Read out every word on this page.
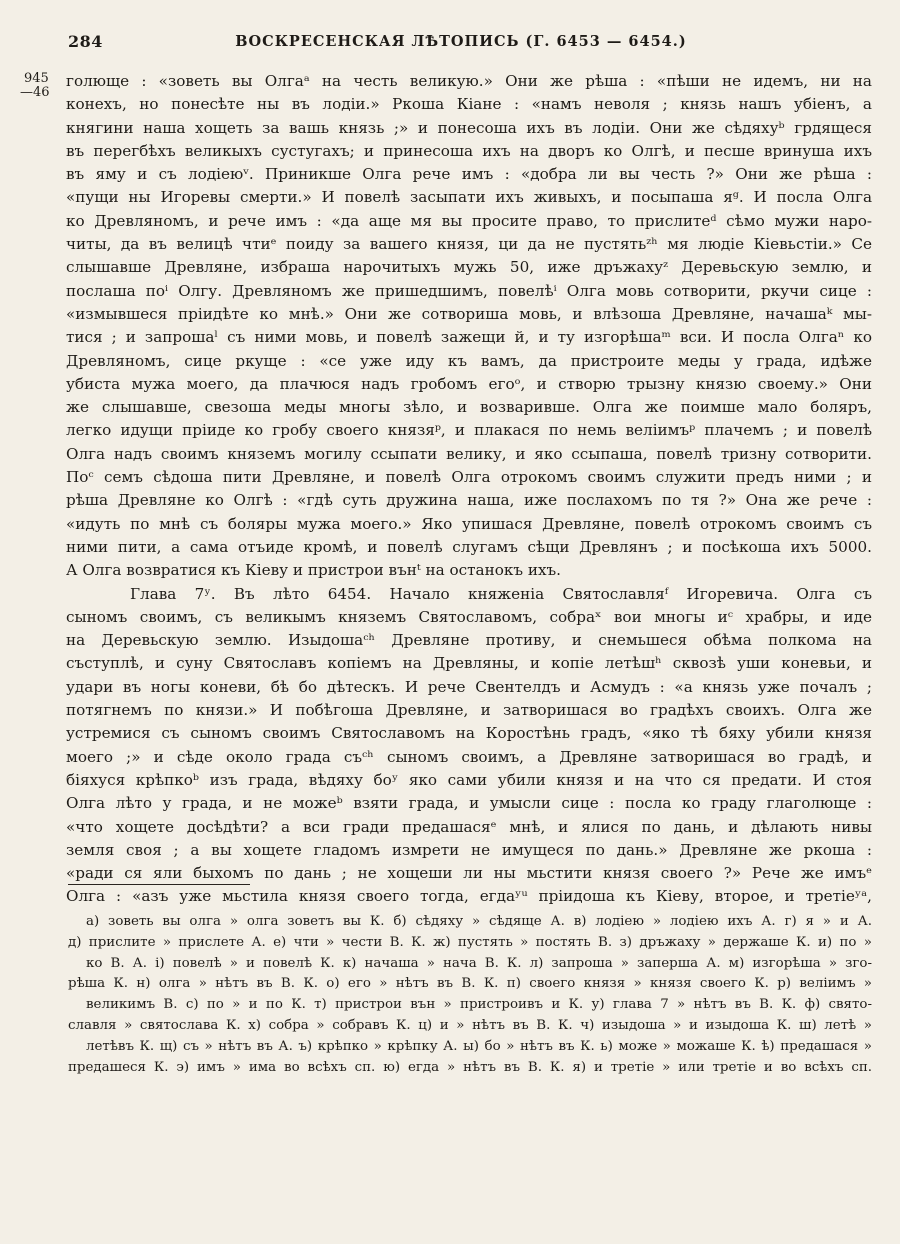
284	ВОСКРЕСЕНСКАЯ ЛѢТОПИСЬ (Г. 6453 — 6454.)
945
—46
голюще : «зоветь вы Олгаᵃ на честь великую.» Они же рѣша : «пѣши не идемъ, ни на
конехъ, но понесѣте ны въ лодiи.» Ркоша Кiане : «намъ неволя ; князь нашъ убiенъ, а
княгини наша хощеть за вашь князь ;» и понесоша ихъ въ лодiи. Они же сѣдяхуᵇ грдящеся
въ перегбѣхъ великыхъ сустугахъ; и принесоша ихъ на дворъ ко Олгѣ, и песше вринуша ихъ
въ яму и съ лодiеюᵛ. Приникше Олга рече имъ : «добра ли вы честь ?» Они же рѣша :
«пущи ны Игоревы смерти.» И повелѣ засыпати ихъ живыхъ, и посыпаша яᵍ. И посла Олга
ко Древляномъ, и рече имъ : «да аще мя вы просите право, то прислитеᵈ сѣмо мужи наро-
читы, да въ велицѣ чтиᵉ поиду за вашего князя, ци да не пустятьᶻʰ мя людiе Кiевьстiи.» Се
слышавше Древляне, избраша нарочитыхъ мужь 50, иже дръжахуᶻ Деревьскую землю, и
послаша поⁱ Олгу. Древляномъ же пришедшимъ, повелѣⁱ Олга мовь сотворити, ркучи сице :
«измывшеся прiидѣте ко мнѣ.» Они же сотвориша мовь, и влѣзоша Древляне, начашаᵏ мы-
тися ; и запрошаˡ съ ними мовь, и повелѣ зажещи й, и ту изгорѣшаᵐ вси. И посла Олгаⁿ ко
Древляномъ, сице ркуще : «се уже иду къ вамъ, да пристроите меды у града, идѣже
убиста мужа моего, да плачюся надъ гробомъ егоᵒ, и створю трызну князю своему.» Они
же слышавше, свезоша меды многы зѣло, и возваривше. Олга же поимше мало боляръ,
легко идущи прiиде ко гробу своего князяᵖ, и плакася по немь велiимъᵖ плачемъ ; и повелѣ
Олга надъ своимъ княземъ могилу ссыпати велику, и яко ссыпаша, повелѣ тризну сотворити.
Поᶜ семъ сѣдоша пити Древляне, и повелѣ Олга отрокомъ своимъ служити предъ ними ; и
рѣша Древляне ко Олгѣ : «гдѣ суть дружина наша, иже послахомъ по тя ?» Она же рече :
«идуть по мнѣ съ боляры мужа моего.» Яко упишася Древляне, повелѣ отрокомъ своимъ съ
ними пити, а сама отъиде кромѣ, и повелѣ слугамъ сѣщи Древлянъ ; и посѣкоша ихъ 5000.
А Олга возвратися къ Кiеву и пристрои вънᵗ на останокъ ихъ.
Глава 7ʸ. Въ лѣто 6454. Начало княженiа Святославляᶠ Игоревича. Олга съ
сыномъ своимъ, съ великымъ княземъ Святославомъ, собраˣ вои многы иᶜ храбры, и иде
на Деревьскую землю. Изыдошаᶜʰ Древляне противу, и снемьшеся обѣма полкома на
съступлѣ, и суну Святославъ копiемъ на Древляны, и копiе летѣшʰ сквозѣ уши коневьи, и
удари въ ногы коневи, бѣ бо дѣтескъ. И рече Свентелдъ и Асмудъ : «а князь уже почалъ ;
потягнемъ по князи.» И побѣгоша Древляне, и затворишася во градѣхъ своихъ. Олга же
устремися съ сыномъ своимъ Святославомъ на Коростѣнь градъ, «яко тѣ бяху убили князя
моего ;» и сѣде около града съᶜʰ сыномъ своимъ, а Древляне затворишася во градѣ, и
бiяхуся крѣпкоᵇ изъ града, вѣдяху боʸ яко сами убили князя и на что ся предати. И стоя
Олга лѣто у града, и не можеᵇ взяти града, и умысли сице : посла ко граду глаголюще :
«что хощете досѣдѣти? а вси гради предашасяᵉ мнѣ, и ялися по дань, и дѣлають нивы
земля своя ; а вы хощете гладомъ измрети не имущеся по дань.» Древляне же ркоша :
«ради ся яли быхомъ по дань ; не хощеши ли ны мьстити князя своего ?» Рече же имъᵉ
Олга : «азъ уже мьстила князя своего тогда, егдаʸᵘ прiидоша къ Кiеву, второе, и третiеʸᵃ,
а) зоветь вы олга » олга зоветъ вы К. б) сѣдяху » сѣдяще А. в) лодiею » лодiею ихъ А. г) я » и А.
д) прислите » прислете А. е) чти » чести В. К. ж) пустять » постять В. з) дръжаху » держаше К. и) по »
ко В. А. i) повелѣ » и повелѣ К. к) начаша » нача В. К. л) запроша » заперша А. м) изгорѣша » зго-
рѣша К. н) олга » нѣтъ въ В. К. о) его » нѣтъ въ В. К. п) своего князя » князя своего К. р) велiимъ »
великимъ В. с) по » и по К. т) пристрои вън » пристроивъ и К. у) глава 7 » нѣтъ въ В. К. ф) свято-
славля » святослава К. х) собра » собравъ К. ц) и » нѣтъ въ В. К. ч) изыдоша » и изыдоша К. ш) летѣ »
летѣвъ К. щ) съ » нѣтъ въ А. ъ) крѣпко » крѣпку А. ы) бо » нѣтъ въ К. ь) може » можаше К. ѣ) предашася »
предашеся К. э) имъ » има во всѣхъ сп. ю) егда » нѣтъ въ В. К. я) и третiе » или третiе и во всѣхъ сп.
